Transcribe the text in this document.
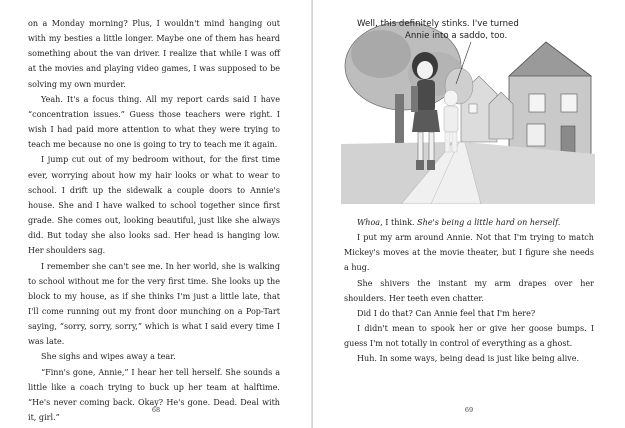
on a Monday morning? Plus, I wouldn't mind hanging out with my besties a little longer. Maybe one of them has heard something about the van driver. I realize that while I was off at the movies and playing video games, I was supposed to be solving my own murder.

Yeah. It's a focus thing. All my report cards said I have “concentration issues.” Guess those teachers were right. I wish I had paid more attention to what they were trying to teach me because no one is going to try to teach me it again.

I jump cut out of my bedroom without, for the first time ever, worrying about how my hair looks or what to wear to school. I drift up the sidewalk a couple doors to Annie's house. She and I have walked to school together since first grade. She comes out, looking beautiful, just like she always did. But today she also looks sad. Her head is hanging low. Her shoulders sag.

I remember she can't see me. In her world, she is walking to school without me for the very first time. She looks up the block to my house, as if she thinks I'm just a little late, that I'll come running out my front door munching on a Pop-Tart saying, “sorry, sorry, sorry,” which is what I said every time I was late.

She sighs and wipes away a tear.

“Finn's gone, Annie,” I hear her tell herself. She sounds a little like a coach trying to buck up her team at halftime. “He's never coming back. Okay? He's gone. Dead. Deal with it, girl.”

68
Well, this definitely stinks. I've turned
Annie into a saddo, too.

Whoa, I think. She's being a little hard on herself.

I put my arm around Annie. Not that I'm trying to match Mickey's moves at the movie theater, but I figure she needs a hug.

She shivers the instant my arm drapes over her shoulders. Her teeth even chatter.

Did I do that? Can Annie feel that I'm here?

I didn't mean to spook her or give her goose bumps. I guess I'm not totally in control of everything as a ghost.

Huh. In some ways, being dead is just like being alive.

69
